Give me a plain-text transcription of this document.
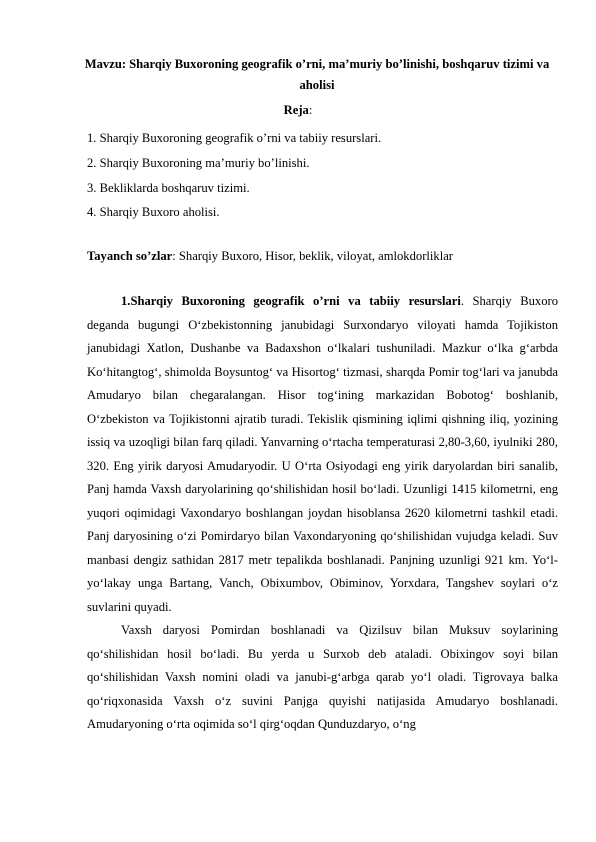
Mavzu: Sharqiy Buxoroning geografik o’rni, ma’muriy bo’linishi, boshqaruv tizimi va aholisi
Reja:
1. Sharqiy Buxoroning geografik o’rni va tabiiy resurslari.
2. Sharqiy Buxoroning ma’muriy bo’linishi.
3. Bekliklarda boshqaruv tizimi.
4. Sharqiy Buxoro aholisi.
Tayanch so’zlar: Sharqiy Buxoro, Hisor, beklik, viloyat, amlokdorliklar

1.Sharqiy Buxoroning geografik o’rni va tabiiy resurslari. Sharqiy Buxoro deganda bugungi O‘zbekistonning janubidagi Surxondaryo viloyati hamda Tojikiston janubidagi Xatlon, Dushanbe va Badaxshon o‘lkalari tushuniladi. Mazkur o‘lka g‘arbda Ko‘hitangtog‘, shimolda Boysuntog‘ va Hisortog‘ tizmasi, sharqda Pomir tog‘lari va janubda Amudaryo bilan chegaralangan. Hisor tog‘ining markazidan Bobotog‘ boshlanib, O‘zbekiston va Tojikistonni ajratib turadi. Tekislik qismining iqlimi qishning iliq, yozining issiq va uzoqligi bilan farq qiladi. Yanvarning o‘rtacha temperaturasi 2,80-3,60, iyulniki 280, 320. Eng yirik daryosi Amudaryodir. U O‘rta Osiyodagi eng yirik daryolardan biri sanalib, Panj hamda Vaxsh daryolarining qo‘shilishidan hosil bo‘ladi. Uzunligi 1415 kilometrni, eng yuqori oqimidagi Vaxondaryo boshlangan joydan hisoblansa 2620 kilometrni tashkil etadi. Panj daryosining o‘zi Pomirdaryo bilan Vaxondaryoning qo‘shilishidan vujudga keladi. Suv manbasi dengiz sathidan 2817 metr tepalikda boshlanadi. Panjning uzunligi 921 km. Yo‘l-yo‘lakay unga Bartang, Vanch, Obixumbov, Obiminov, Yorxdara, Tangshev soylari o‘z suvlarini quyadi.

Vaxsh daryosi Pomirdan boshlanadi va Qizilsuv bilan Muksuv soylarining qo‘shilishidan hosil bo‘ladi. Bu yerda u Surxob deb ataladi. Obixingov soyi bilan qo‘shilishidan Vaxsh nomini oladi va janubi-g‘arbga qarab yo‘l oladi. Tigrovaya balka qo‘riqxonasida Vaxsh o‘z suvini Panjga quyishi natijasida Amudaryo boshlanadi. Amudaryoning o‘rta oqimida so‘l qirg‘oqdan Qunduzdaryo, o‘ng
